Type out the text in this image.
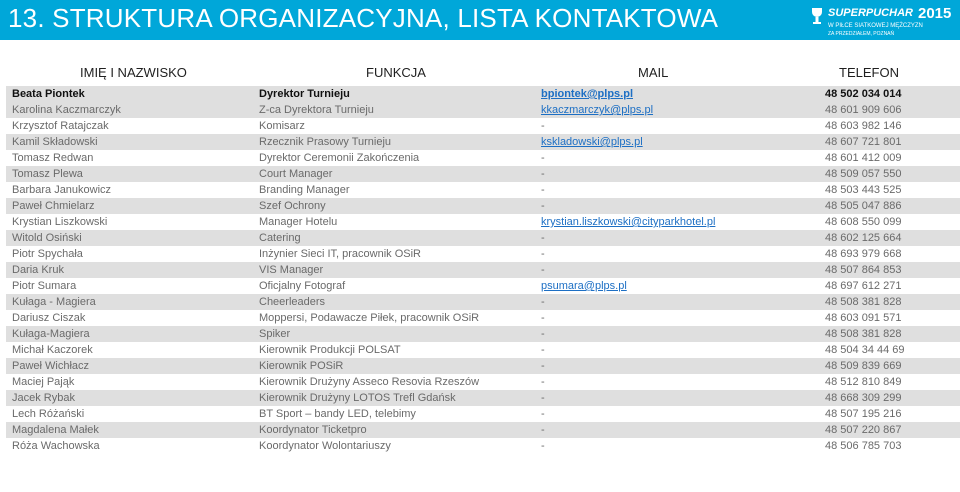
13. STRUKTURA ORGANIZACYJNA, LISTA KONTAKTOWA	SUPERPUCHAR 2015
W PIŁCE SIATKOWEJ MĘŻCZYZN
ZA PRZEDZIAŁEM, POZNAŃ
IMIĘ I NAZWISKO	FUNKCJA	MAIL	TELEFON
Beata Piontek	Dyrektor Turnieju	bpiontek@plps.pl	48 502 034 014
Karolina Kaczmarczyk	Z-ca Dyrektora Turnieju	kkaczmarczyk@plps.pl	48 601 909 606
Krzysztof Ratajczak	Komisarz	-	48 603 982 146
Kamil Składowski	Rzecznik Prasowy Turnieju	kskladowski@plps.pl	48 607 721 801
Tomasz Redwan	Dyrektor Ceremonii Zakończenia	-	48 601 412 009
Tomasz Plewa	Court Manager	-	48 509 057 550
Barbara Janukowicz	Branding Manager	-	48 503 443 525
Paweł Chmielarz	Szef Ochrony	-	48 505 047 886
Krystian Liszkowski	Manager Hotelu	krystian.liszkowski@cityparkhotel.pl	48 608 550 099
Witold Osiński	Catering	-	48 602 125 664
Piotr Spychała	Inżynier Sieci IT, pracownik OSiR	-	48 693 979 668
Daria Kruk	VIS Manager	-	48 507 864 853
Piotr Sumara	Oficjalny Fotograf	psumara@plps.pl	48 697 612 271
Kułaga - Magiera	Cheerleaders	-	48 508 381 828
Dariusz Ciszak	Moppersi, Podawacze Piłek, pracownik OSiR	-	48 603 091 571
Kułaga-Magiera	Spiker	-	48 508 381 828
Michał Kaczorek	Kierownik Produkcji POLSAT	-	48 504 34 44 69
Paweł Wichłacz	Kierownik POSiR	-	48 509 839 669
Maciej Pająk	Kierownik Drużyny Asseco Resovia Rzeszów	-	48 512 810 849
Jacek Rybak	Kierownik Drużyny LOTOS Trefl Gdańsk	-	48 668 309 299
Lech Różański	BT Sport – bandy LED, telebimy	-	48 507 195 216
Magdalena Małek	Koordynator Ticketpro	-	48 507 220 867
Róża Wachowska	Koordynator Wolontariuszy	-	48 506 785 703
